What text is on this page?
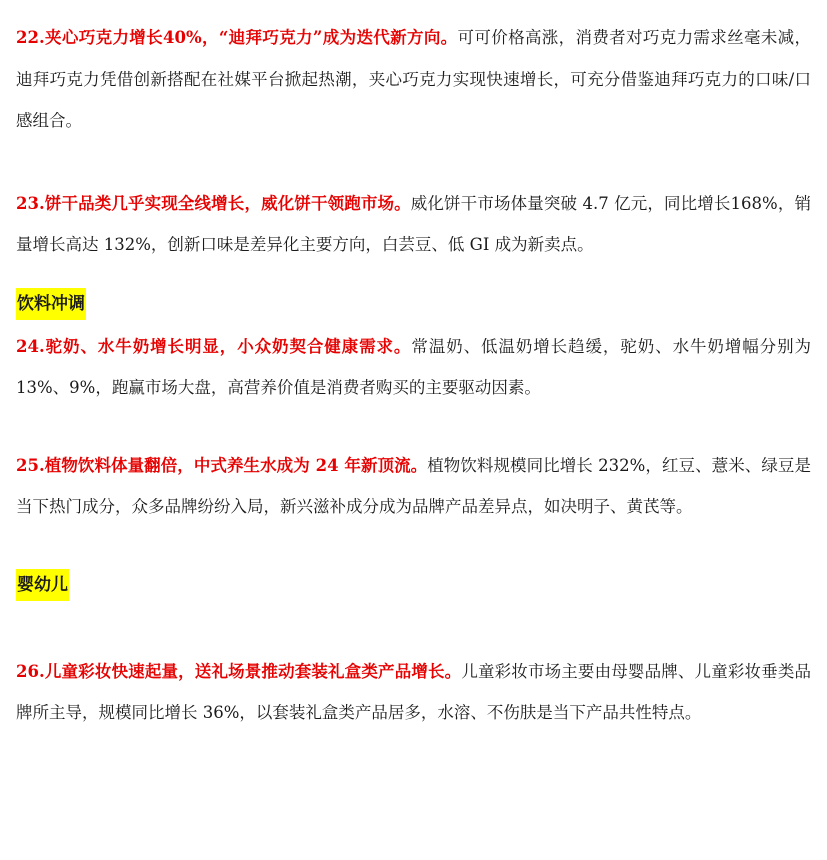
22.夹心巧克力增长40%，“迪拜巧克力”成为迭代新方向。可可价格高涨，消费者对巧克力需求丝毫未减，迪拜巧克力凭借创新搭配在社媒平台掀起热潮，夹心巧克力实现快速增长，可充分借鉴迪拜巧克力的口味/口感组合。

23.饼干品类几乎实现全线增长，威化饼干领跑市场。威化饼干市场体量突破 4.7 亿元，同比增长168%，销量增长高达 132%，创新口味是差异化主要方向，白芸豆、低 GI 成为新卖点。

饮料冲调

24.驼奶、水牛奶增长明显，小众奶契合健康需求。常温奶、低温奶增长趋缓，驼奶、水牛奶增幅分别为 13%、9%，跑赢市场大盘，高营养价值是消费者购买的主要驱动因素。

25.植物饮料体量翻倍，中式养生水成为 24 年新顶流。植物饮料规模同比增长 232%，红豆、薏米、绿豆是当下热门成分，众多品牌纷纷入局，新兴滋补成分成为品牌产品差异点，如决明子、黄芪等。

婴幼儿

26.儿童彩妆快速起量，送礼场景推动套装礼盒类产品增长。儿童彩妆市场主要由母婴品牌、儿童彩妆垂类品牌所主导，规模同比增长 36%，以套装礼盒类产品居多，水溶、不伤肤是当下产品共性特点。
